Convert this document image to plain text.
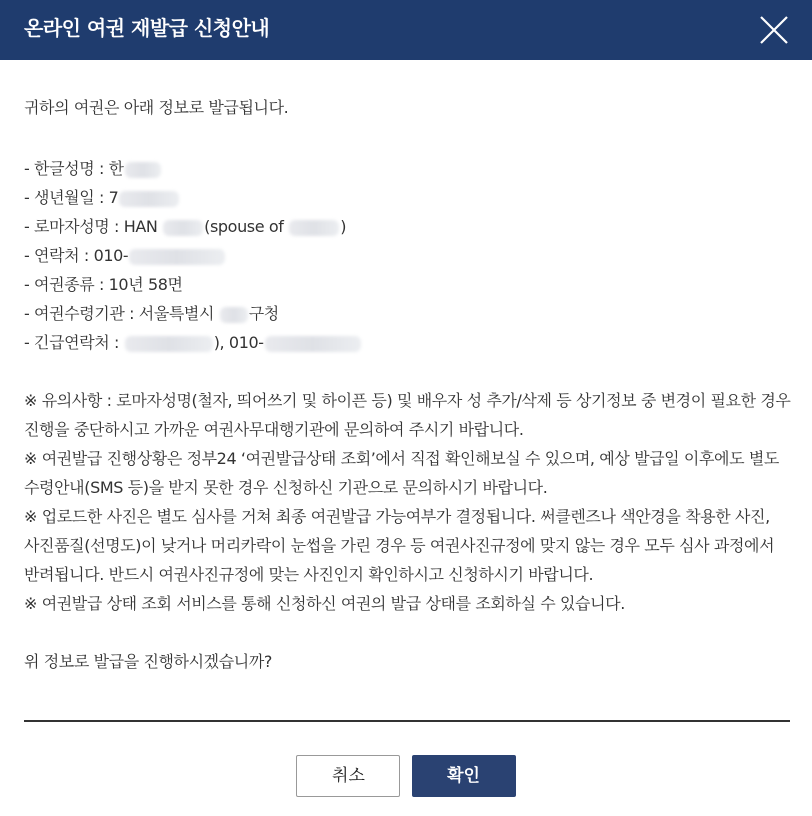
온라인 여권 재발급 신청안내

귀하의 여권은 아래 정보로 발급됩니다.

- 한글성명 : 한
- 생년월일 : 7
- 로마자성명 : HAN	(spouse of	)
- 연락처 : 010-
- 여권종류 : 10년 58면
- 여권수령기관 : 서울특별시 구청
- 긴급연락처 :	), 010-

※ 유의사항 : 로마자성명(철자, 띄어쓰기 및 하이픈 등) 및 배우자 성 추가/삭제 등 상기정보 중 변경이 필요한 경우 진행을 중단하시고 가까운 여권사무대행기관에 문의하여 주시기 바랍니다.

※ 여권발급 진행상황은 정부24 ‘여권발급상태 조회’에서 직접 확인해보실 수 있으며, 예상 발급일 이후에도 별도 수령안내(SMS 등)을 받지 못한 경우 신청하신 기관으로 문의하시기 바랍니다.

※ 업로드한 사진은 별도 심사를 거쳐 최종 여권발급 가능여부가 결정됩니다. 써클렌즈나 색안경을 착용한 사진, 사진품질(선명도)이 낮거나 머리카락이 눈썹을 가린 경우 등 여권사진규정에 맞지 않는 경우 모두 심사 과정에서 반려됩니다. 반드시 여권사진규정에 맞는 사진인지 확인하시고 신청하시기 바랍니다.

※ 여권발급 상태 조회 서비스를 통해 신청하신 여권의 발급 상태를 조회하실 수 있습니다.

위 정보로 발급을 진행하시겠습니까?

취소	확인
